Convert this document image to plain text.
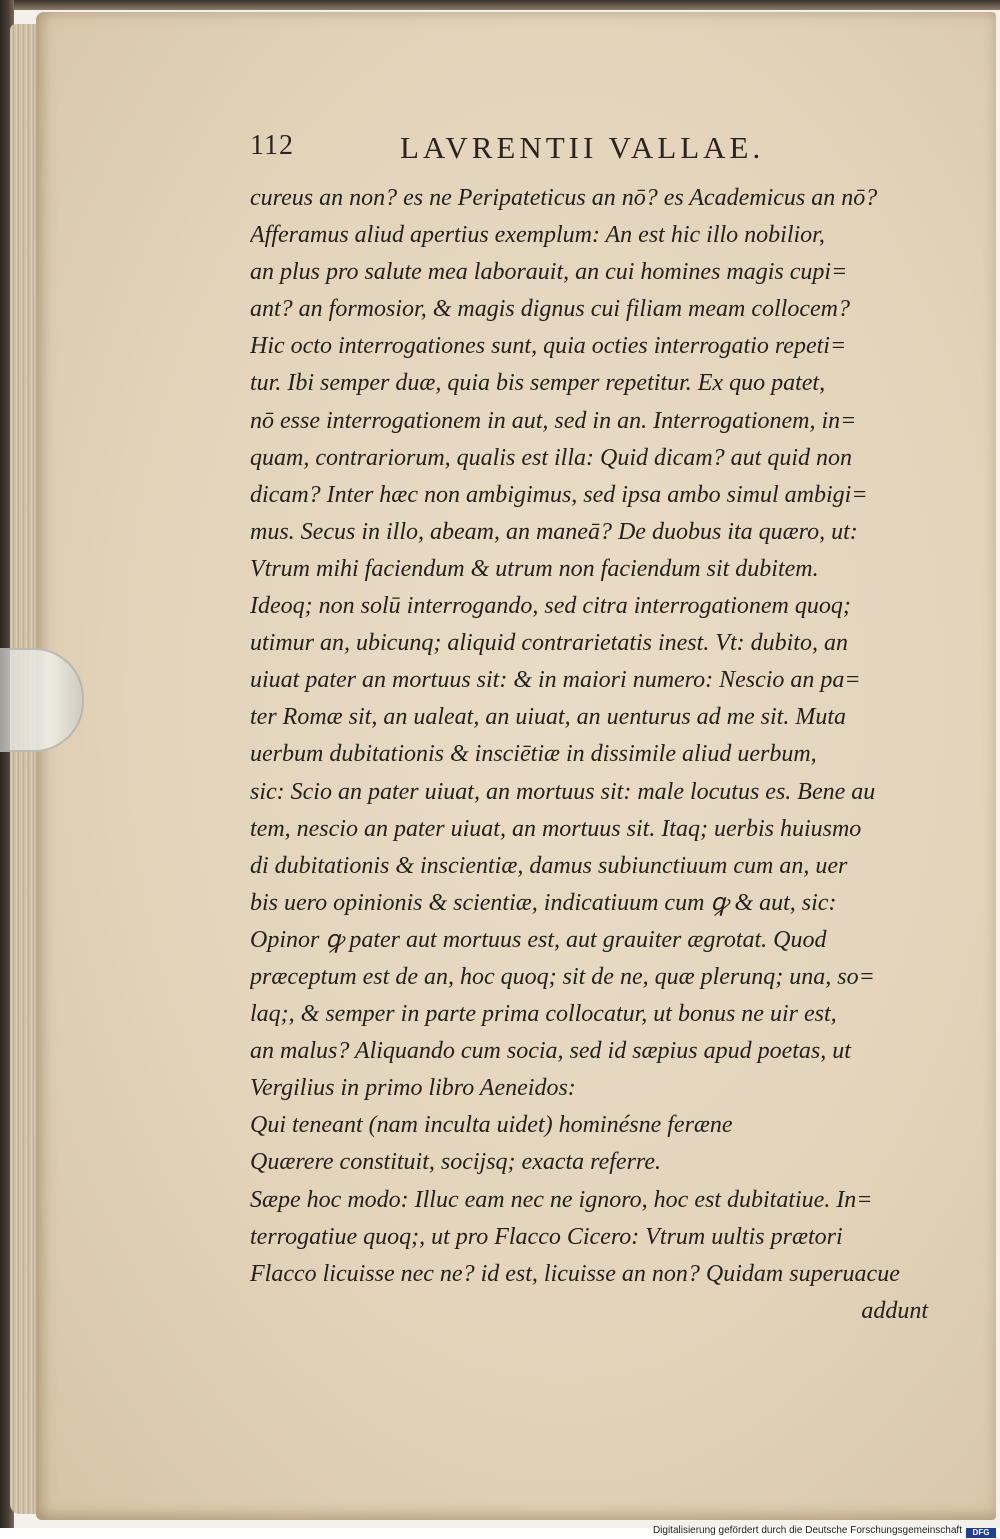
112	LAVRENTII VALLAE.
cureus an non? es ne Peripateticus an nō? es Academicus an nō?
Afferamus aliud apertius exemplum: An est hic illo nobilior,
an plus pro salute mea laborauit, an cui homines magis cupi=
ant? an formosior, & magis dignus cui filiam meam collocem?
Hic octo interrogationes sunt, quia octies interrogatio repeti=
tur. Ibi semper duæ, quia bis semper repetitur. Ex quo patet,
nō esse interrogationem in aut, sed in an. Interrogationem, in=
quam, contrariorum, qualis est illa: Quid dicam? aut quid non
dicam? Inter hæc non ambigimus, sed ipsa ambo simul ambigi=
mus. Secus in illo, abeam, an maneā? De duobus ita quæro, ut:
Vtrum mihi faciendum & utrum non faciendum sit dubitem.
Ideoq; non solū interrogando, sed citra interrogationem quoq;
utimur an, ubicunq; aliquid contrarietatis inest. Vt: dubito, an
uiuat pater an mortuus sit: & in maiori numero: Nescio an pa=
ter Romæ sit, an ualeat, an uiuat, an uenturus ad me sit. Muta
uerbum dubitationis & insciētiæ in dissimile aliud uerbum,
sic: Scio an pater uiuat, an mortuus sit: male locutus es. Bene au
tem, nescio an pater uiuat, an mortuus sit. Itaq; uerbis huiusmo
di dubitationis & inscientiæ, damus subiunctiuum cum an, uer
bis uero opinionis & scientiæ, indicatiuum cum ꝙ & aut, sic:
Opinor ꝙ pater aut mortuus est, aut grauiter ægrotat. Quod
præceptum est de an, hoc quoq; sit de ne, quæ plerunq; una, so=
laq;, & semper in parte prima collocatur, ut bonus ne uir est,
an malus? Aliquando cum socia, sed id sæpius apud poetas, ut
Vergilius in primo libro Aeneidos:
Qui teneant (nam inculta uidet) hominésne feræne
Quærere constituit, socijsq; exacta referre.
Sæpe hoc modo: Illuc eam nec ne ignoro, hoc est dubitatiue. In=
terrogatiue quoq;, ut pro Flacco Cicero: Vtrum uultis prætori
Flacco licuisse nec ne? id est, licuisse an non? Quidam superuacue
addunt
Digitalisierung gefördert durch die Deutsche Forschungsgemeinschaft	DFG
